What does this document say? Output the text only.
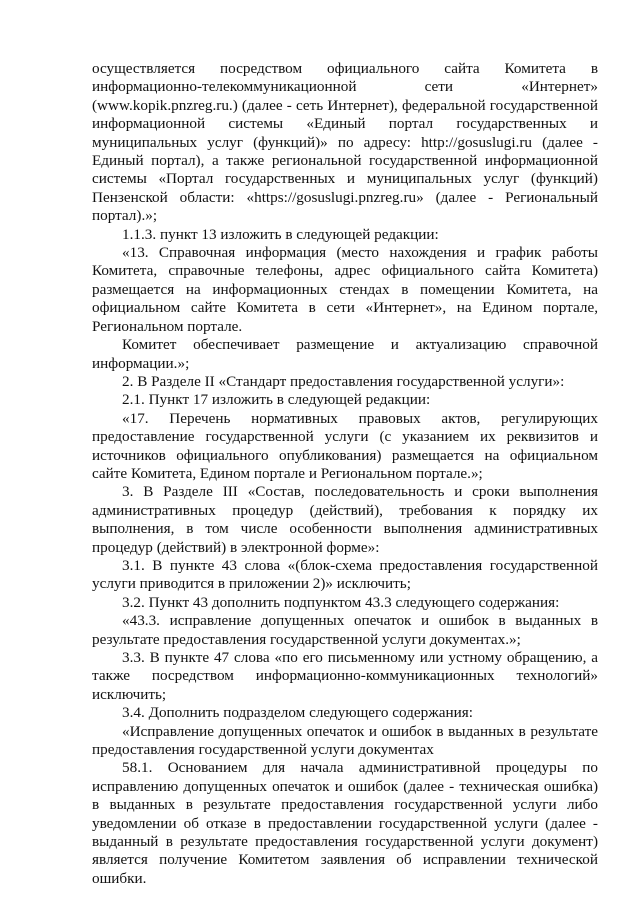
осуществляется посредством официального сайта Комитета в информационно-телекоммуникационной сети «Интернет» (www.kopik.pnzreg.ru.) (далее - сеть Интернет), федеральной государственной информационной системы «Единый портал государственных и муниципальных услуг (функций)» по адресу: http://gosuslugi.ru (далее - Единый портал), а также региональной государственной информационной системы «Портал государственных и муниципальных услуг (функций) Пензенской области: «https://gosuslugi.pnzreg.ru» (далее - Региональный портал).»;

1.1.3. пункт 13 изложить в следующей редакции:

«13. Справочная информация (место нахождения и график работы Комитета, справочные телефоны, адрес официального сайта Комитета) размещается на информационных стендах в помещении Комитета, на официальном сайте Комитета в сети «Интернет», на Едином портале, Региональном портале.

Комитет обеспечивает размещение и актуализацию справочной информации.»;

2. В Разделе II «Стандарт предоставления государственной услуги»:

2.1. Пункт 17 изложить в следующей редакции:

«17. Перечень нормативных правовых актов, регулирующих предоставление государственной услуги (с указанием их реквизитов и источников официального опубликования) размещается на официальном сайте Комитета, Едином портале и Региональном портале.»;

3. В Разделе III «Состав, последовательность и сроки выполнения административных процедур (действий), требования к порядку их выполнения, в том числе особенности выполнения административных процедур (действий) в электронной форме»:

3.1. В пункте 43 слова «(блок-схема предоставления государственной услуги приводится в приложении 2)» исключить;

3.2. Пункт 43 дополнить подпунктом 43.3 следующего содержания:

«43.3. исправление допущенных опечаток и ошибок в выданных в результате предоставления государственной услуги документах.»;

3.3. В пункте 47 слова «по его письменному или устному обращению, а также посредством информационно-коммуникационных технологий» исключить;

3.4. Дополнить подразделом следующего содержания:

«Исправление допущенных опечаток и ошибок в выданных в результате предоставления государственной услуги документах

58.1. Основанием для начала административной процедуры по исправлению допущенных опечаток и ошибок (далее - техническая ошибка) в выданных в результате предоставления государственной услуги либо уведомлении об отказе в предоставлении государственной услуги (далее - выданный в результате предоставления государственной услуги документ) является получение Комитетом заявления об исправлении технической ошибки.
